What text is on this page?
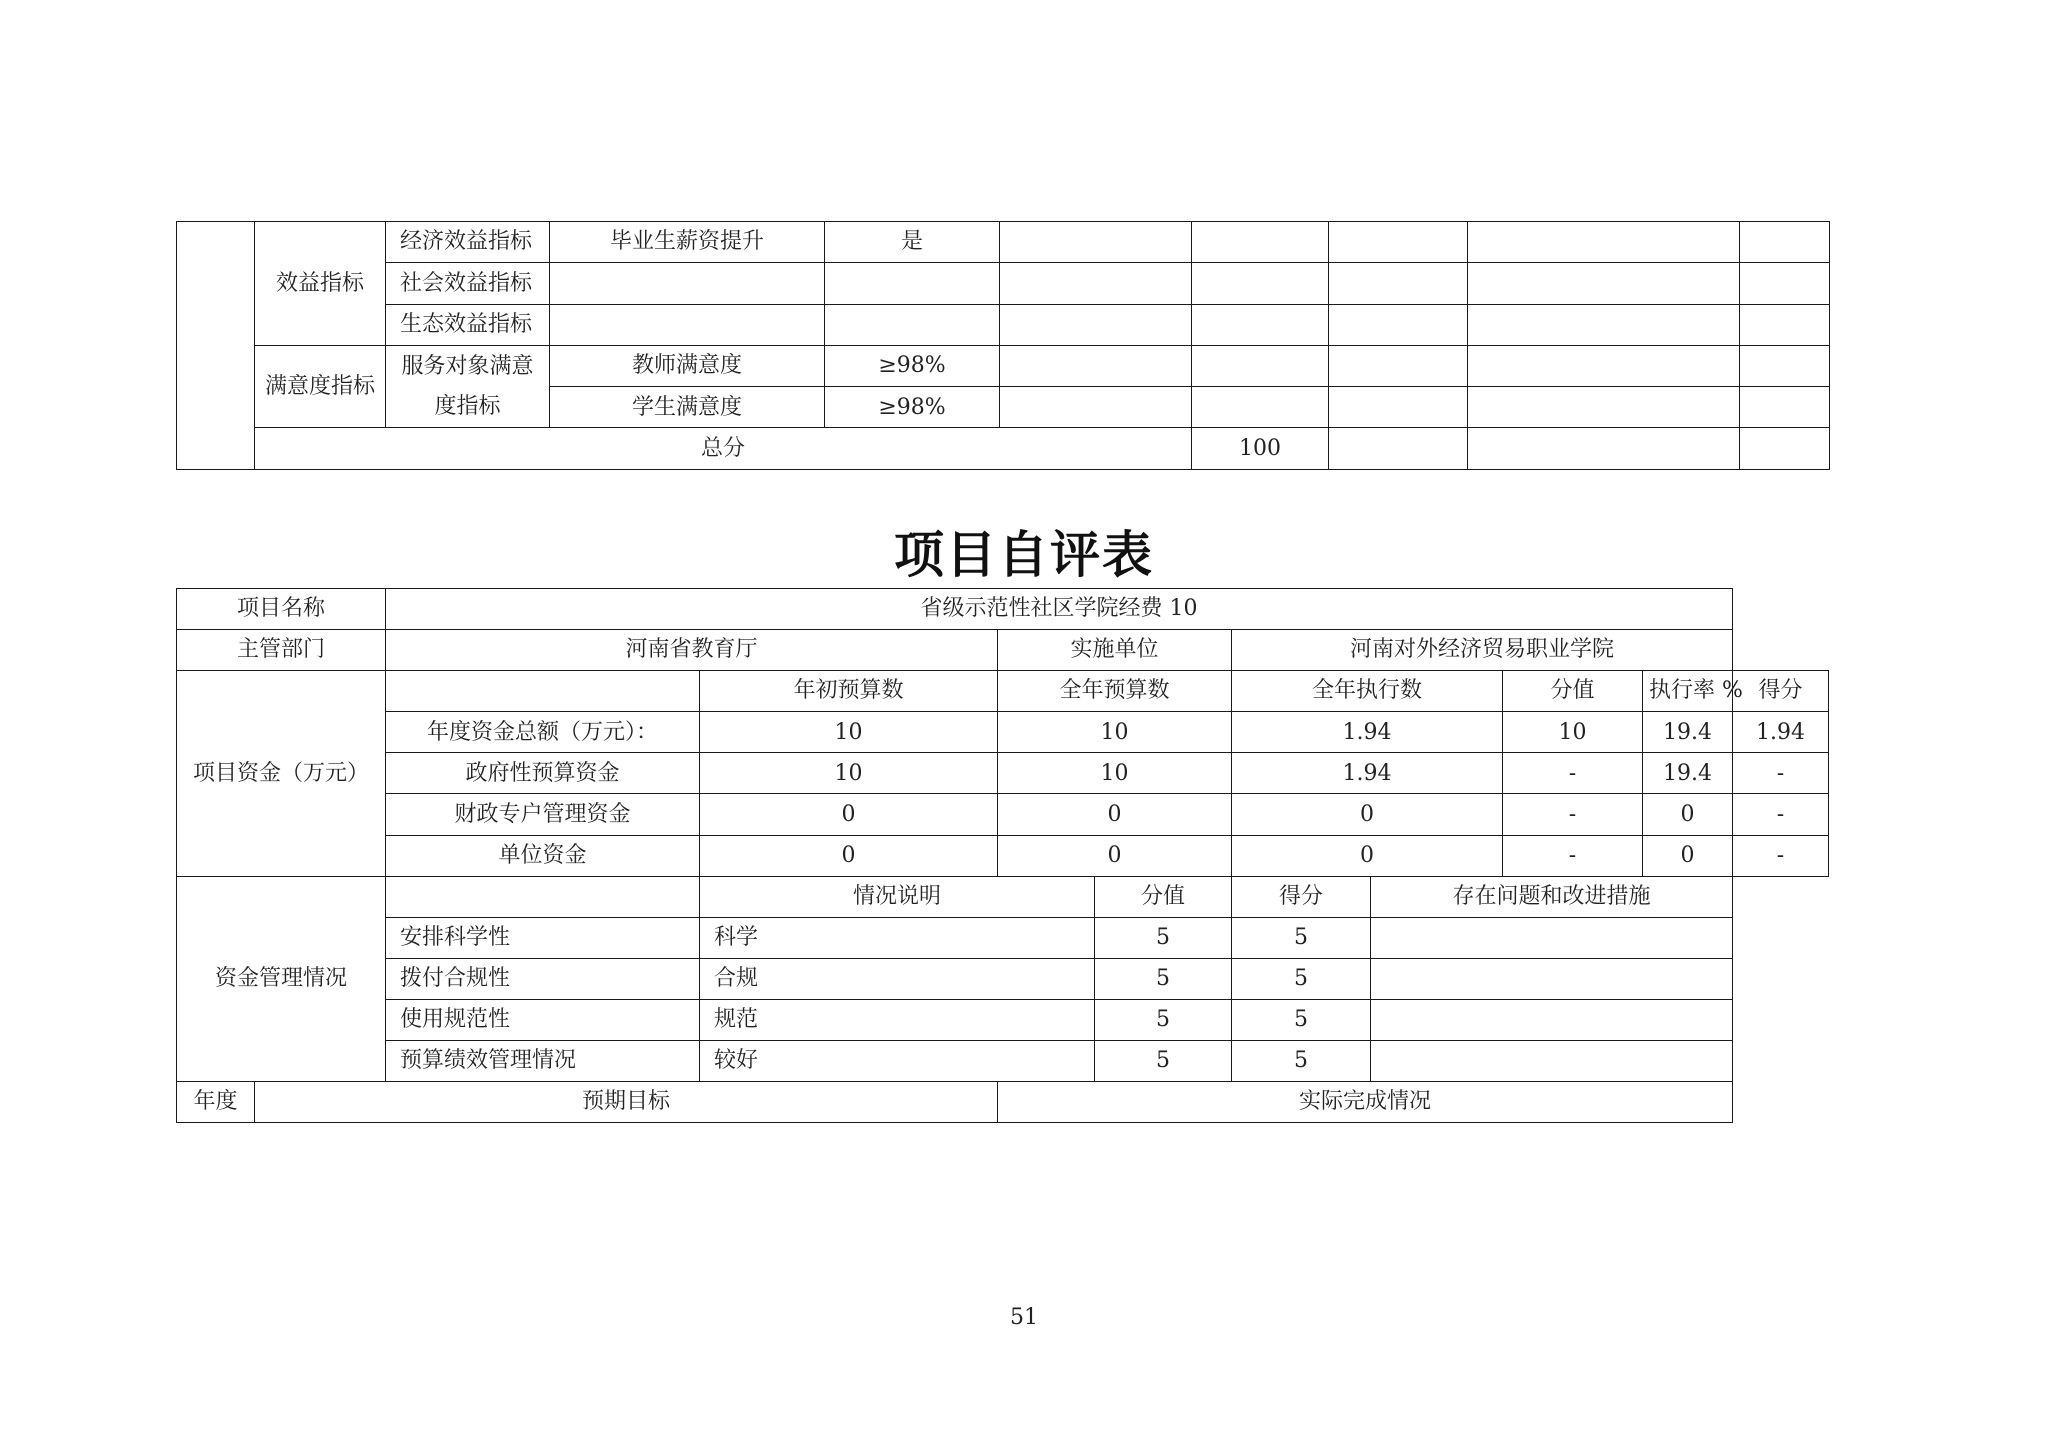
	效益指标	经济效益指标	毕业生薪资提升	是					
		社会效益指标							
		生态效益指标							
	满意度指标	服务对象满意度指标	教师满意度	≥98%					
			学生满意度	≥98%					
	总分					100			
项目自评表
项目名称		省级示范性社区学院经费 10								
主管部门		河南省教育厅		实施单位		河南对外经济贸易职业学院				
项目资金（万元）			年初预算数	全年预算数		全年执行数		分值	执行率 %	得分
		年度资金总额（万元）：	10	10		1.94		10	19.4	1.94
		政府性预算资金	10	10		1.94		-	19.4	-
		财政专户管理资金	0	0		0		-	0	-
		单位资金	0	0		0		-	0	-
资金管理情况			情况说明		分值	得分	存在问题和改进措施			
		安排科学性	科学		5	5				
		拨付合规性	合规		5	5				
		使用规范性	规范		5	5				
		预算绩效管理情况	较好		5	5				
年度	预期目标			实际完成情况						
51
